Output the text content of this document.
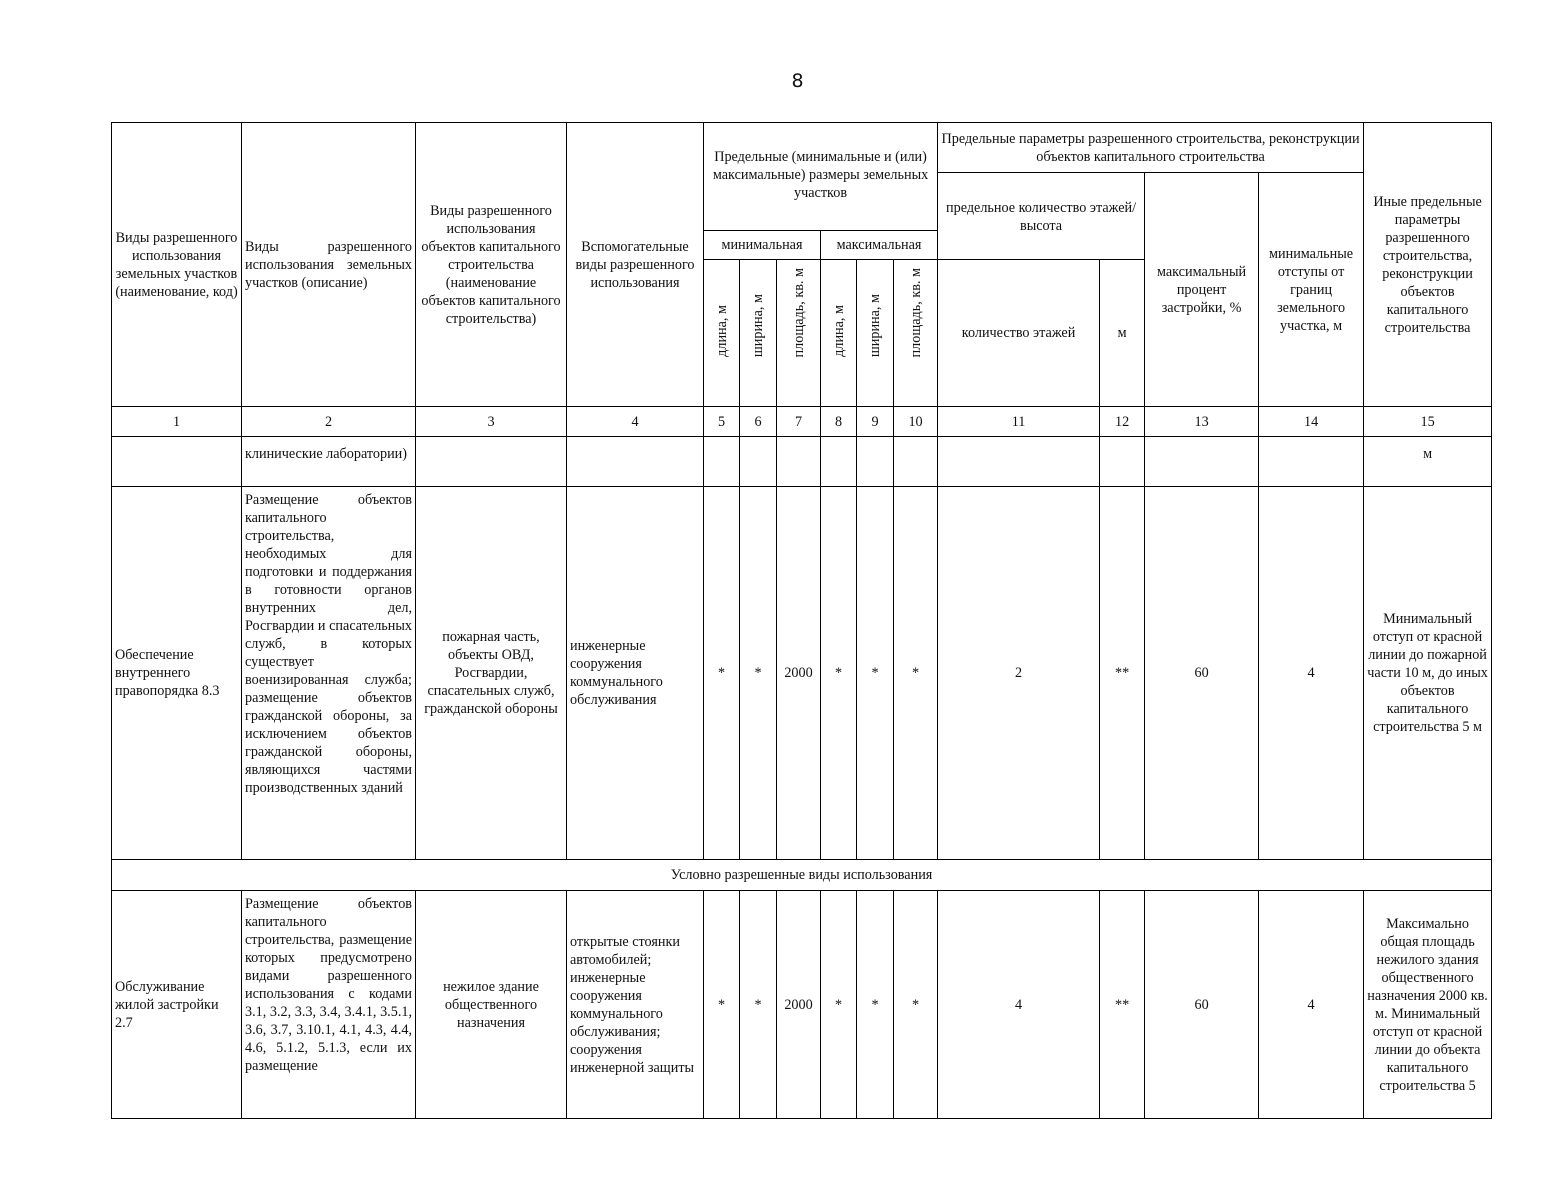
8
Виды разрешенного использования земельных участков (наименование, код)	Виды разрешенного использования земельных участков (описание)	Виды разрешенного использования объектов капитального строительства (наименование объектов капитального строительства)	Вспомогательные виды разрешенного использования	Предельные (минимальные и (или) максимальные) размеры земельных участков						Предельные параметры разрешенного строительства, реконструкции объектов капитального строительства				Иные предельные параметры разрешенного строительства, реконструкции объектов капитального строительства
										предельное количество этажей/высота		максимальный процент застройки, %	минимальные отступы от границ земельного участка, м	
				минимальная			максимальная							
				длина, м	ширина, м	площадь, кв. м	длина, м	ширина, м	площадь, кв. м	количество этажей	м			
1	2	3	4	5	6	7	8	9	10	11	12	13	14	15
	клинические лаборатории)													м
Обеспечение внутреннего правопорядка 8.3	Размещение объектов капитального строительства, необходимых для подготовки и поддержания в готовности органов внутренних дел, Росгвардии и спасательных служб, в которых существует военизированная служба; размещение объектов гражданской обороны, за исключением объектов гражданской обороны, являющихся частями производственных зданий	пожарная часть, объекты ОВД, Росгвардии, спасательных служб, гражданской обороны	инженерные сооружения коммунального обслуживания	*	*	2000	*	*	*	2	**	60	4	Минимальный отступ от красной линии до пожарной части 10 м, до иных объектов капитального строительства 5 м
Условно разрешенные виды использования														
Обслуживание жилой застройки 2.7	Размещение объектов капитального строительства, размещение которых предусмотрено видами разрешенного использования с кодами 3.1, 3.2, 3.3, 3.4, 3.4.1, 3.5.1, 3.6, 3.7, 3.10.1, 4.1, 4.3, 4.4, 4.6, 5.1.2, 5.1.3, если их размещение	нежилое здание общественного назначения	открытые стоянки автомобилей; инженерные сооружения коммунального обслуживания; сооружения инженерной защиты	*	*	2000	*	*	*	4	**	60	4	Максимально общая площадь нежилого здания общественного назначения 2000 кв. м. Минимальный отступ от красной линии до объекта капитального строительства 5
